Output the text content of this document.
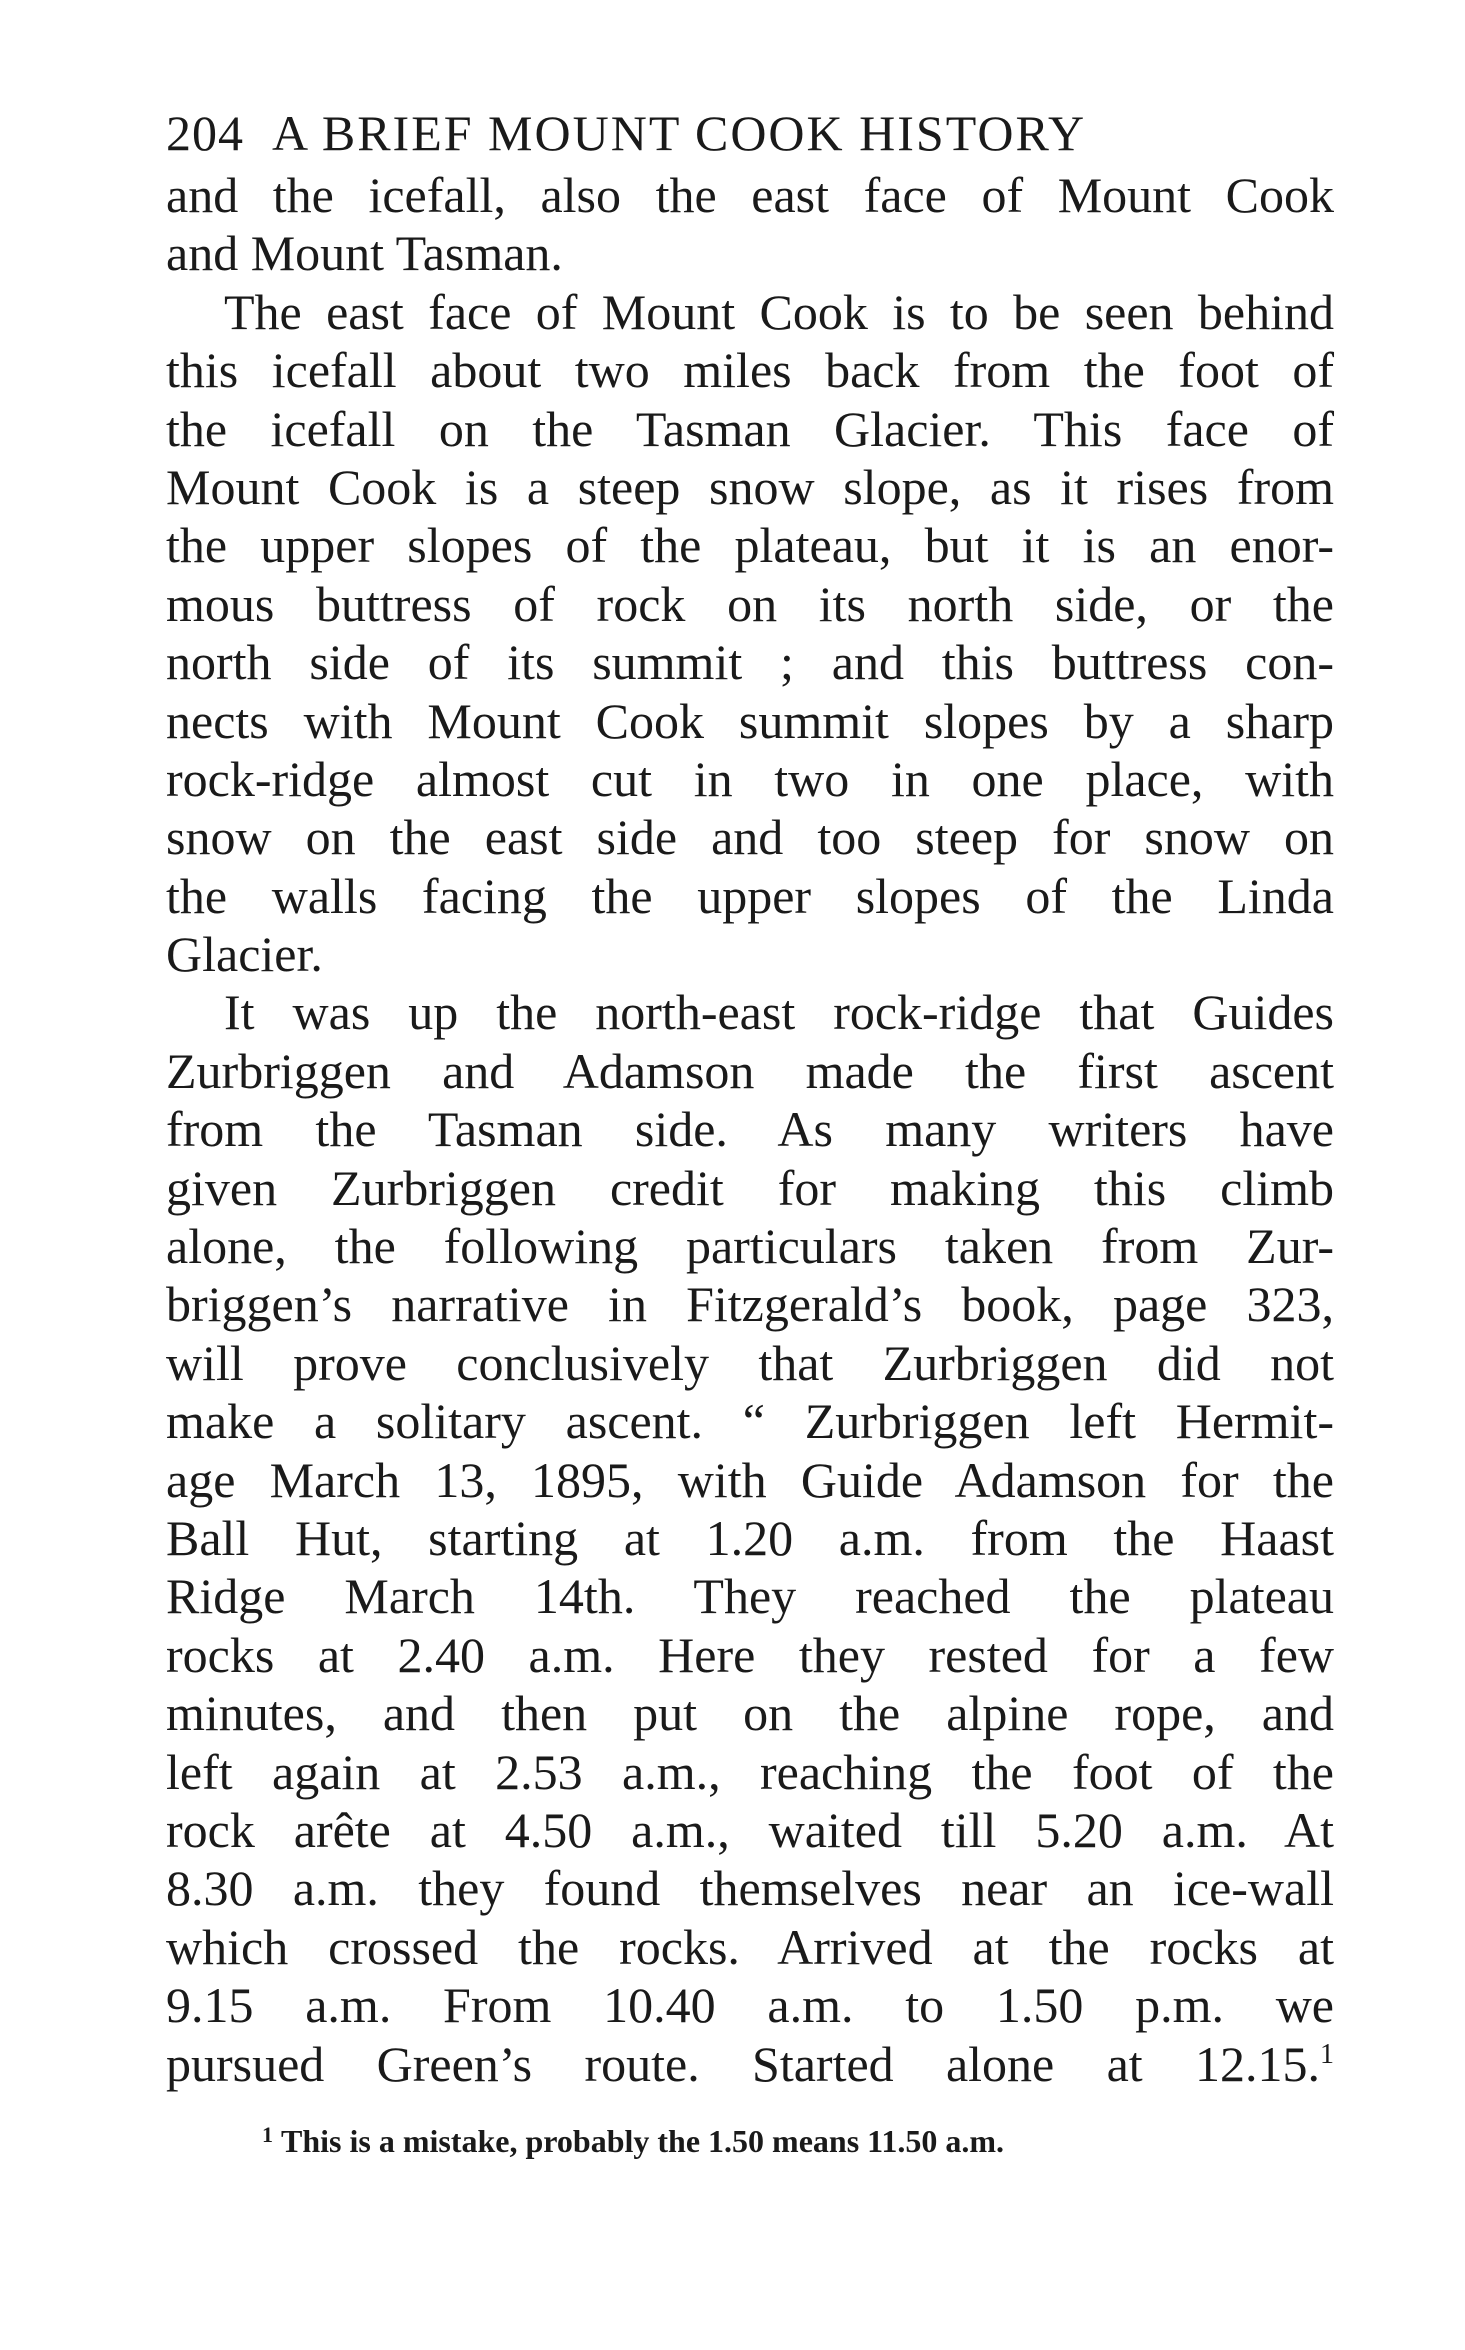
204 A BRIEF MOUNT COOK HISTORY
and the icefall, also the east face of Mount Cook
and Mount Tasman.
The east face of Mount Cook is to be seen behind
this icefall about two miles back from the foot of
the icefall on the Tasman Glacier. This face of
Mount Cook is a steep snow slope, as it rises from
the upper slopes of the plateau, but it is an enor-
mous buttress of rock on its north side, or the
north side of its summit ; and this buttress con-
nects with Mount Cook summit slopes by a sharp
rock-ridge almost cut in two in one place, with
snow on the east side and too steep for snow on
the walls facing the upper slopes of the Linda
Glacier.
It was up the north-east rock-ridge that Guides
Zurbriggen and Adamson made the first ascent
from the Tasman side. As many writers have
given Zurbriggen credit for making this climb
alone, the following particulars taken from Zur-
briggen’s narrative in Fitzgerald’s book, page 323,
will prove conclusively that Zurbriggen did not
make a solitary ascent. “ Zurbriggen left Hermit-
age March 13, 1895, with Guide Adamson for the
Ball Hut, starting at 1.20 a.m. from the Haast
Ridge March 14th. They reached the plateau
rocks at 2.40 a.m. Here they rested for a few
minutes, and then put on the alpine rope, and
left again at 2.53 a.m., reaching the foot of the
rock arête at 4.50 a.m., waited till 5.20 a.m. At
8.30 a.m. they found themselves near an ice-wall
which crossed the rocks. Arrived at the rocks at
9.15 a.m. From 10.40 a.m. to 1.50 p.m. we
pursued Green’s route. Started alone at 12.15.$^1$
$^1$ This is a mistake, probably the 1.50 means 11.50 a.m.
